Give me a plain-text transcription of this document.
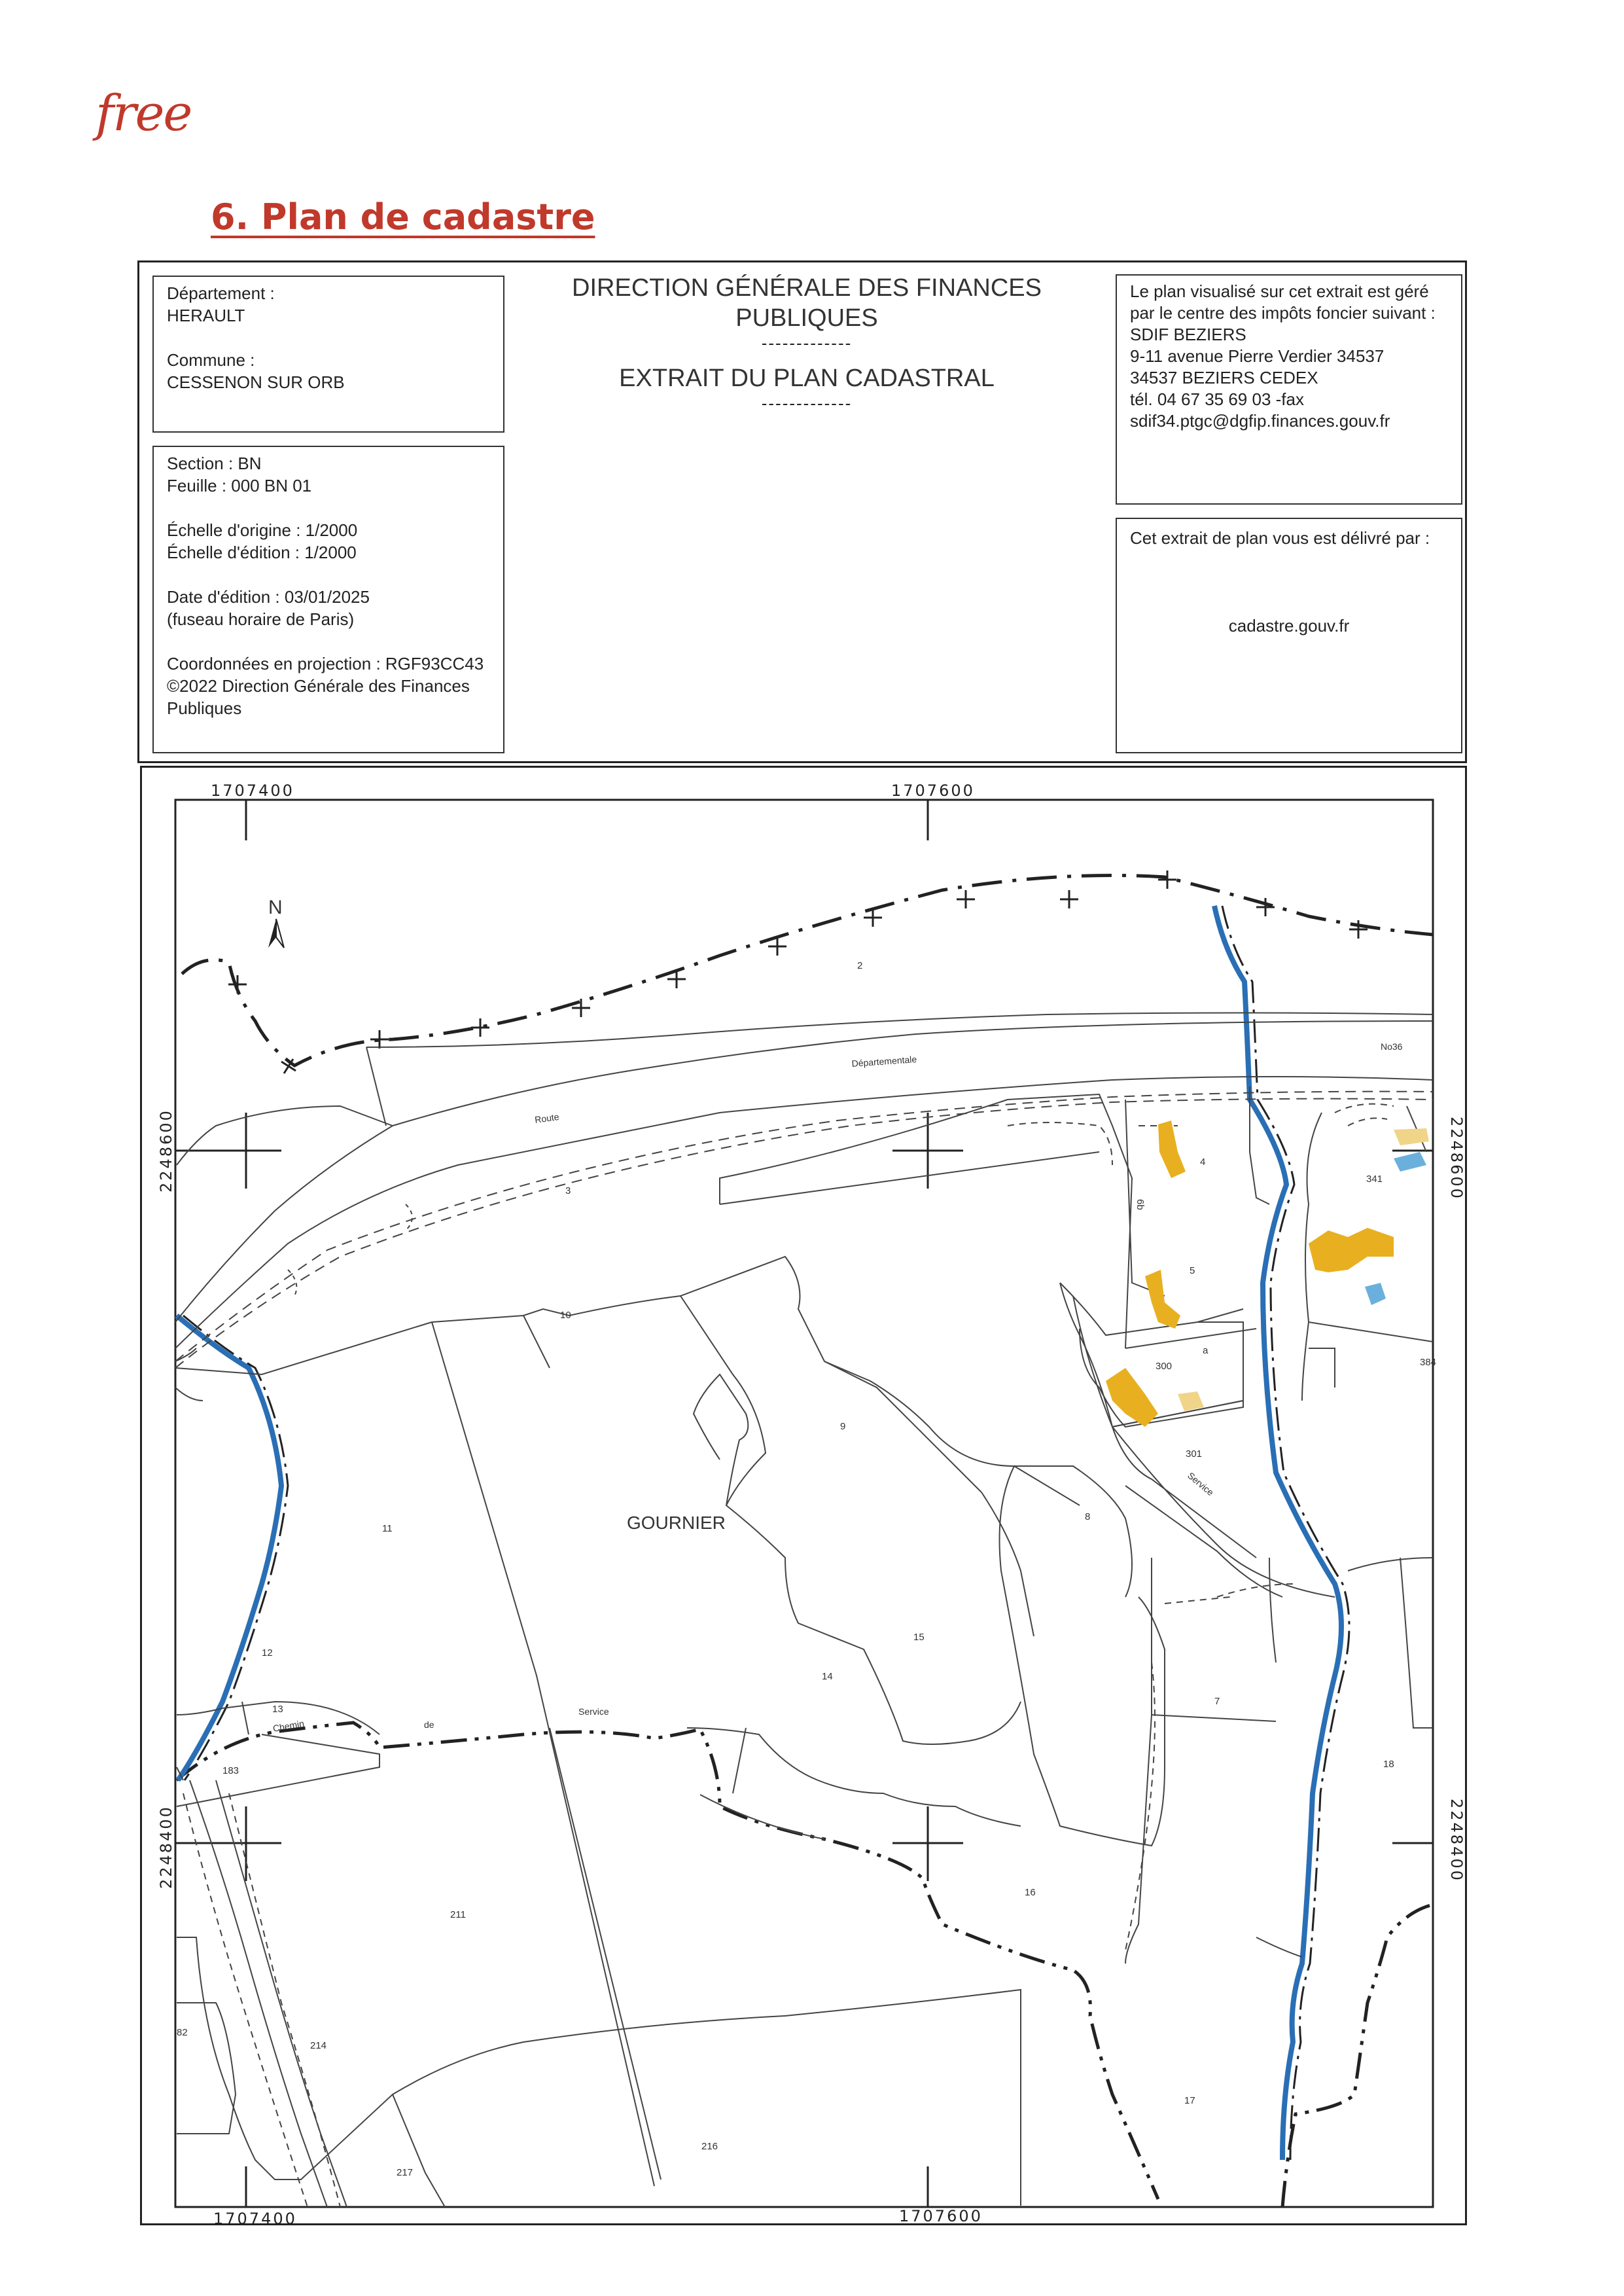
free
6. Plan de cadastre

Département :

HERAULT

Commune :

CESSENON SUR ORB

Section : BN

Feuille : 000 BN 01

Échelle d'origine : 1/2000

Échelle d'édition : 1/2000

Date d'édition : 03/01/2025

(fuseau horaire de Paris)

Coordonnées en projection : RGF93CC43

©2022 Direction Générale des Finances

Publiques

DIRECTION GÉNÉRALE DES FINANCES PUBLIQUES
-------------
EXTRAIT DU PLAN CADASTRAL
-------------

Le plan visualisé sur cet extrait est géré

par le centre des impôts foncier suivant :

SDIF BEZIERS

9-11 avenue Pierre Verdier 34537

34537 BEZIERS CEDEX

tél. 04 67 35 69 03 -fax

sdif34.ptgc@dgfip.finances.gouv.fr

Cet extrait de plan vous est délivré par :

cadastre.gouv.fr

1707400	1707600
1707400	1707600
2248600
2248400
2248600
2248400
N
2
3
4
5
7
8
9
10
11
12
13
14
15
16
17
18
82
183
211
214
216
217
300
301
341
384
a
6b
GOURNIER
Route
Départementale
No36
Chemin	de
Service
Service
